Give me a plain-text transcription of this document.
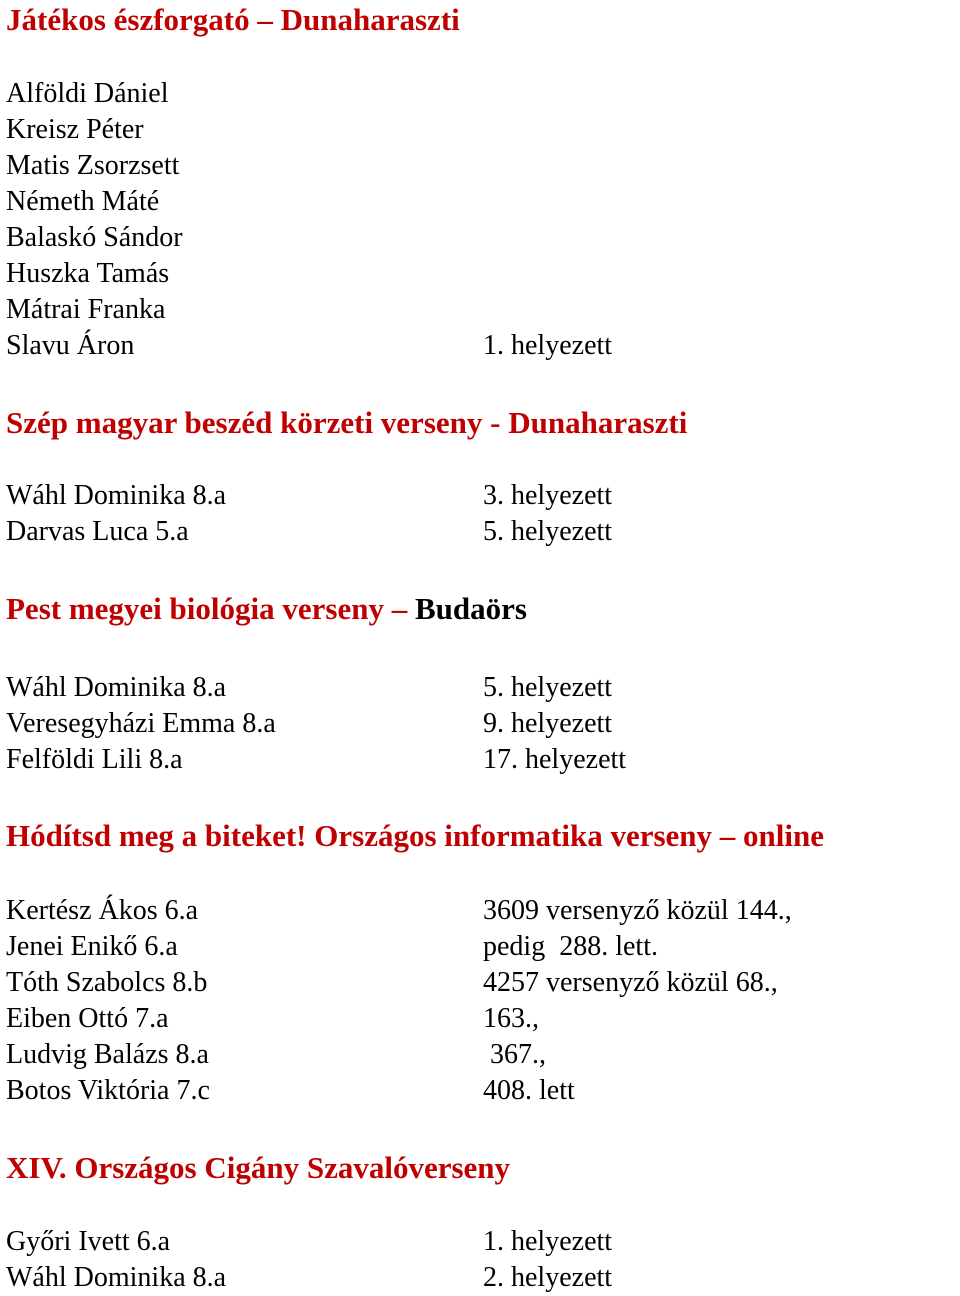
Játékos észforgató – Dunaharaszti
Alföldi Dániel
Kreisz Péter
Matis Zsorzsett
Németh Máté
Balaskó Sándor
Huszka Tamás
Mátrai Franka
Slavu Áron	1. helyezett
Szép magyar beszéd körzeti verseny - Dunaharaszti
Wáhl Dominika 8.a	3. helyezett
Darvas Luca 5.a	5. helyezett
Pest megyei biológia verseny – Budaörs
Wáhl Dominika 8.a	5. helyezett
Veresegyházi Emma 8.a	9. helyezett
Felföldi Lili 8.a	17. helyezett
Hódítsd meg a biteket! Országos informatika verseny – online
Kertész Ákos 6.a	3609 versenyző közül 144.,
Jenei Enikő 6.a	pedig  288. lett.
Tóth Szabolcs 8.b	4257 versenyző közül 68.,
Eiben Ottó 7.a	163.,
Ludvig Balázs 8.a	367.,
Botos Viktória 7.c	408. lett
XIV. Országos Cigány Szavalóverseny
Győri Ivett 6.a	1. helyezett
Wáhl Dominika 8.a	2. helyezett
